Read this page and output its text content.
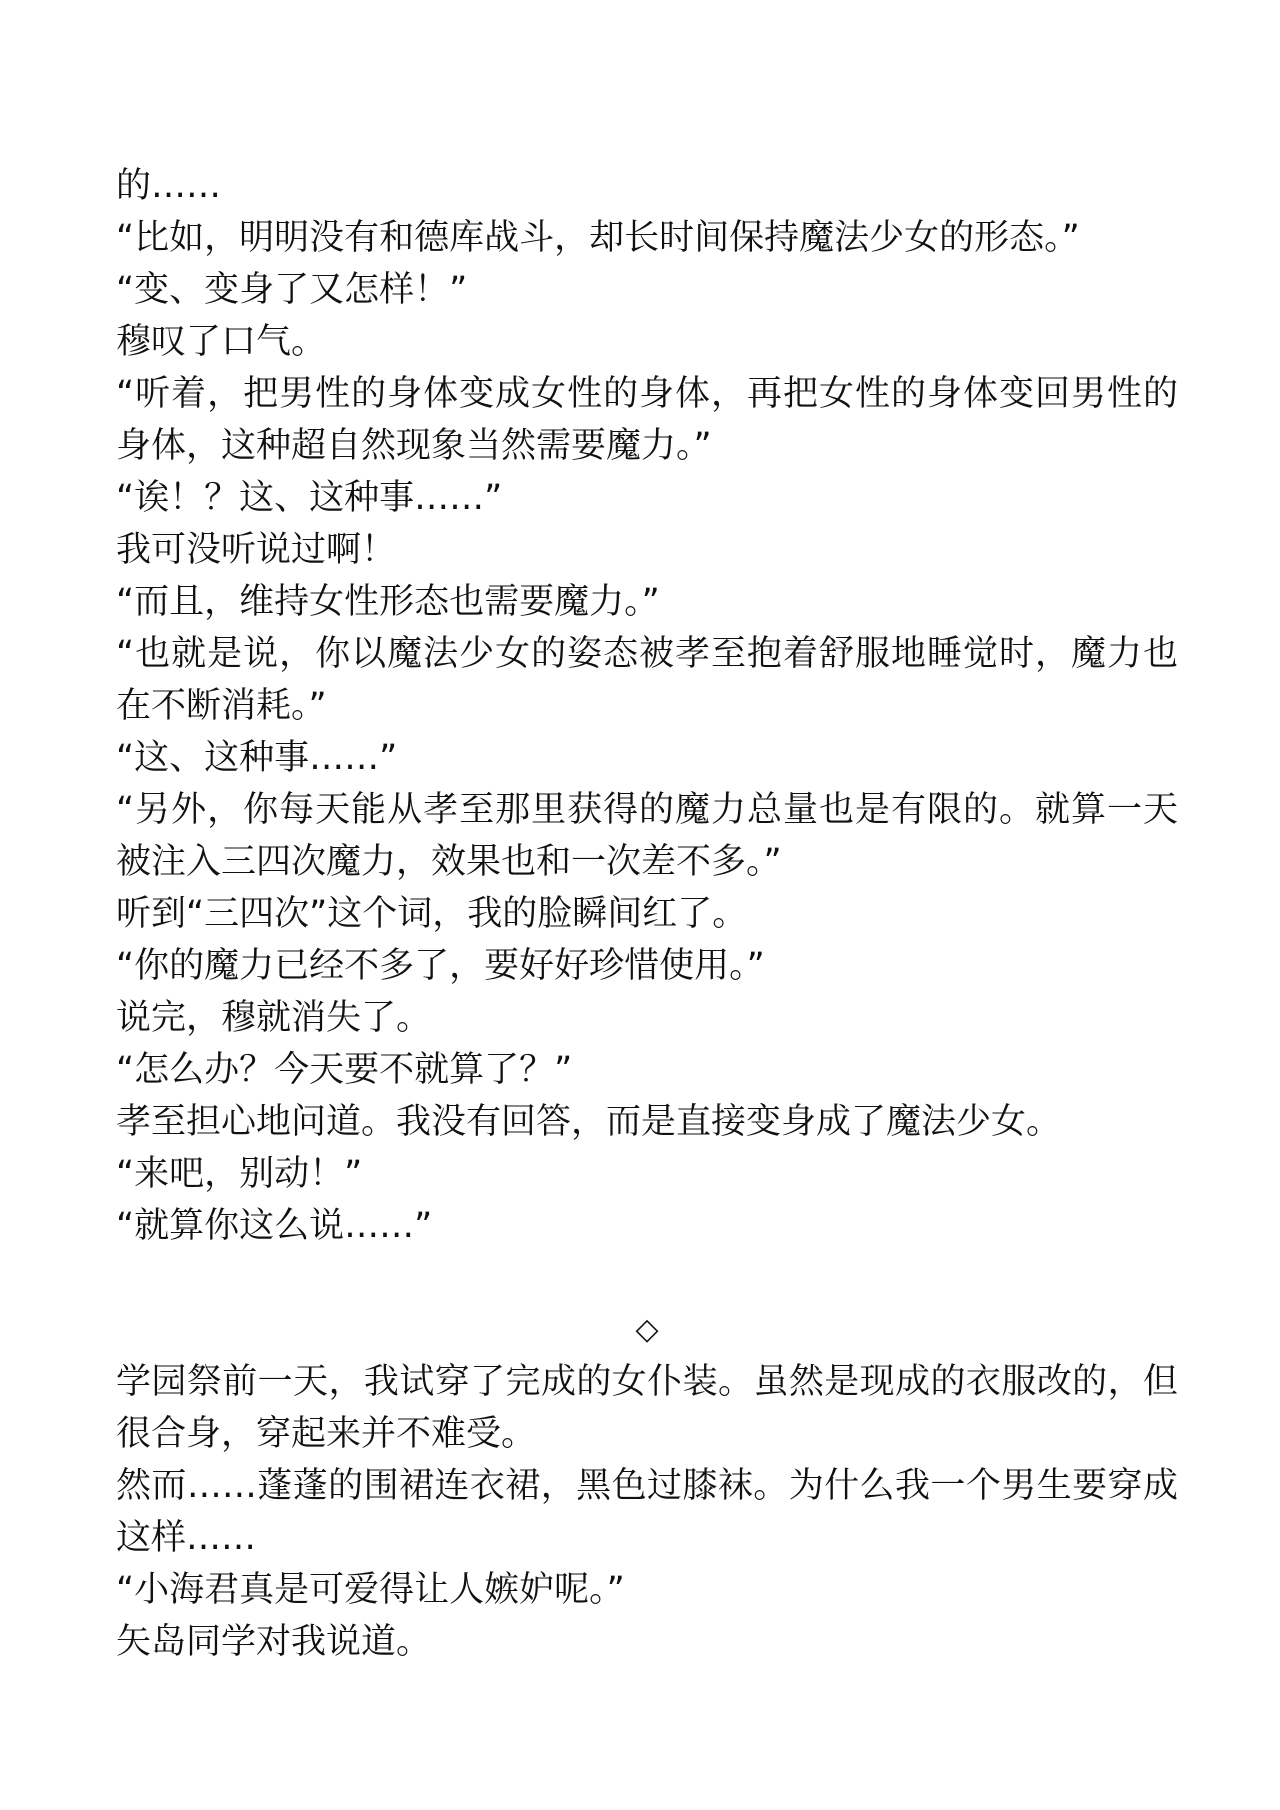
的……

“比如，明明没有和德库战斗，却长时间保持魔法少女的形态。”

“变、变身了又怎样！”

穆叹了口气。

“听着，把男性的身体变成女性的身体，再把女性的身体变回男性的身体，这种超自然现象当然需要魔力。”

“诶！？这、这种事……”

我可没听说过啊！

“而且，维持女性形态也需要魔力。”

“也就是说，你以魔法少女的姿态被孝至抱着舒服地睡觉时，魔力也在不断消耗。”

“这、这种事……”

“另外，你每天能从孝至那里获得的魔力总量也是有限的。就算一天被注入三四次魔力，效果也和一次差不多。”

听到“三四次”这个词，我的脸瞬间红了。

“你的魔力已经不多了，要好好珍惜使用。”

说完，穆就消失了。

“怎么办？今天要不就算了？”

孝至担心地问道。我没有回答，而是直接变身成了魔法少女。

“来吧，别动！”

“就算你这么说……”

◇

学园祭前一天，我试穿了完成的女仆装。虽然是现成的衣服改的，但很合身，穿起来并不难受。

然而……蓬蓬的围裙连衣裙，黑色过膝袜。为什么我一个男生要穿成这样……

“小海君真是可爱得让人嫉妒呢。”

矢岛同学对我说道。
